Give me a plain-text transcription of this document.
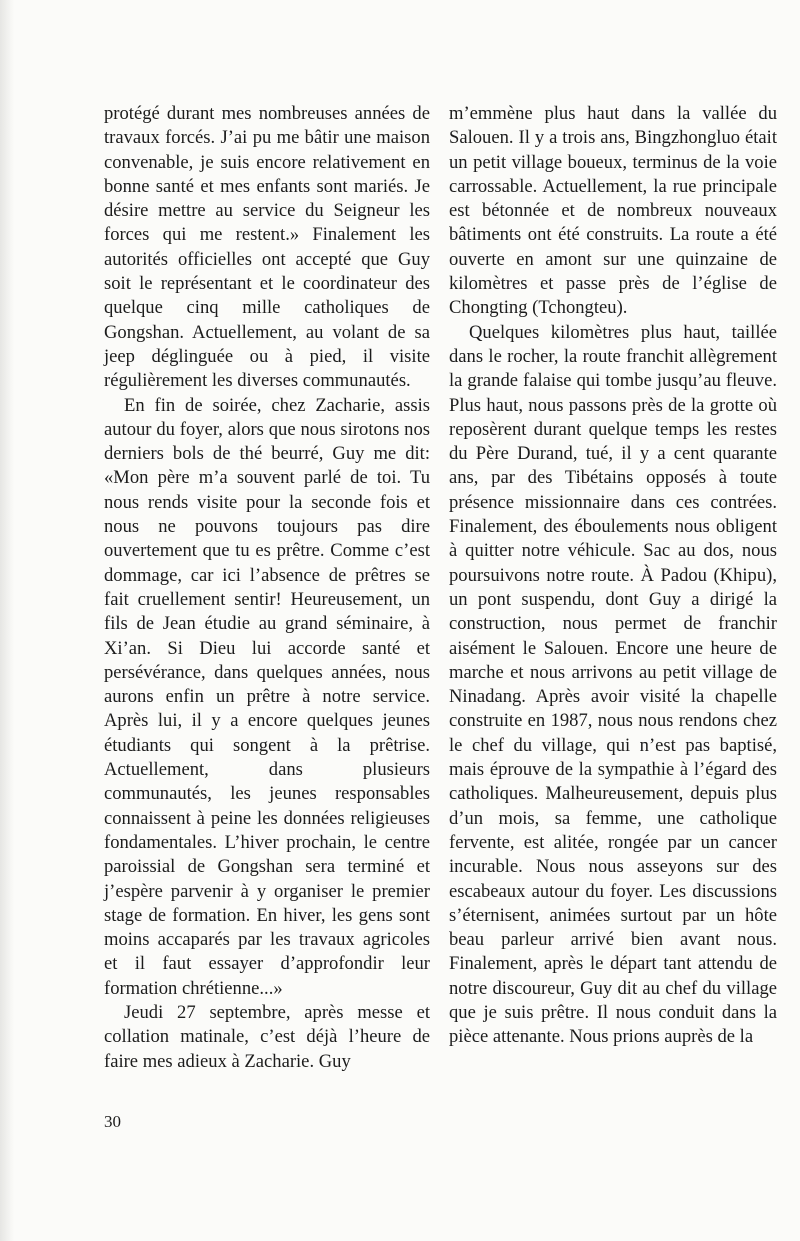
protégé durant mes nombreuses années de travaux forcés. J’ai pu me bâtir une maison convenable, je suis encore relativement en bonne santé et mes enfants sont mariés. Je désire mettre au service du Seigneur les forces qui me restent.» Finalement les autorités officielles ont accepté que Guy soit le représentant et le coordinateur des quelque cinq mille catholiques de Gongshan. Actuellement, au volant de sa jeep déglinguée ou à pied, il visite régulièrement les diverses communautés.

En fin de soirée, chez Zacharie, assis autour du foyer, alors que nous sirotons nos derniers bols de thé beurré, Guy me dit: «Mon père m’a souvent parlé de toi. Tu nous rends visite pour la seconde fois et nous ne pouvons toujours pas dire ouvertement que tu es prêtre. Comme c’est dommage, car ici l’absence de prêtres se fait cruellement sentir! Heureusement, un fils de Jean étudie au grand séminaire, à Xi’an. Si Dieu lui accorde santé et persévérance, dans quelques années, nous aurons enfin un prêtre à notre service. Après lui, il y a encore quelques jeunes étudiants qui songent à la prêtrise. Actuellement, dans plusieurs communautés, les jeunes responsables connaissent à peine les données religieuses fondamentales. L’hiver prochain, le centre paroissial de Gongshan sera terminé et j’espère parvenir à y organiser le premier stage de formation. En hiver, les gens sont moins accaparés par les travaux agricoles et il faut essayer d’approfondir leur formation chrétienne...»

Jeudi 27 septembre, après messe et collation matinale, c’est déjà l’heure de faire mes adieux à Zacharie. Guy

m’emmène plus haut dans la vallée du Salouen. Il y a trois ans, Bingzhongluo était un petit village boueux, terminus de la voie carrossable. Actuellement, la rue principale est bétonnée et de nombreux nouveaux bâtiments ont été construits. La route a été ouverte en amont sur une quinzaine de kilomètres et passe près de l’église de Chongting (Tchongteu).

Quelques kilomètres plus haut, taillée dans le rocher, la route franchit allègrement la grande falaise qui tombe jusqu’au fleuve. Plus haut, nous passons près de la grotte où reposèrent durant quelque temps les restes du Père Durand, tué, il y a cent quarante ans, par des Tibétains opposés à toute présence missionnaire dans ces contrées. Finalement, des éboulements nous obligent à quitter notre véhicule. Sac au dos, nous poursuivons notre route. À Padou (Khipu), un pont suspendu, dont Guy a dirigé la construction, nous permet de franchir aisément le Salouen. Encore une heure de marche et nous arrivons au petit village de Ninadang. Après avoir visité la chapelle construite en 1987, nous nous rendons chez le chef du village, qui n’est pas baptisé, mais éprouve de la sympathie à l’égard des catholiques. Malheureusement, depuis plus d’un mois, sa femme, une catholique fervente, est alitée, rongée par un cancer incurable. Nous nous asseyons sur des escabeaux autour du foyer. Les discussions s’éternisent, animées surtout par un hôte beau parleur arrivé bien avant nous. Finalement, après le départ tant attendu de notre discoureur, Guy dit au chef du village que je suis prêtre. Il nous conduit dans la pièce attenante. Nous prions auprès de la

30
